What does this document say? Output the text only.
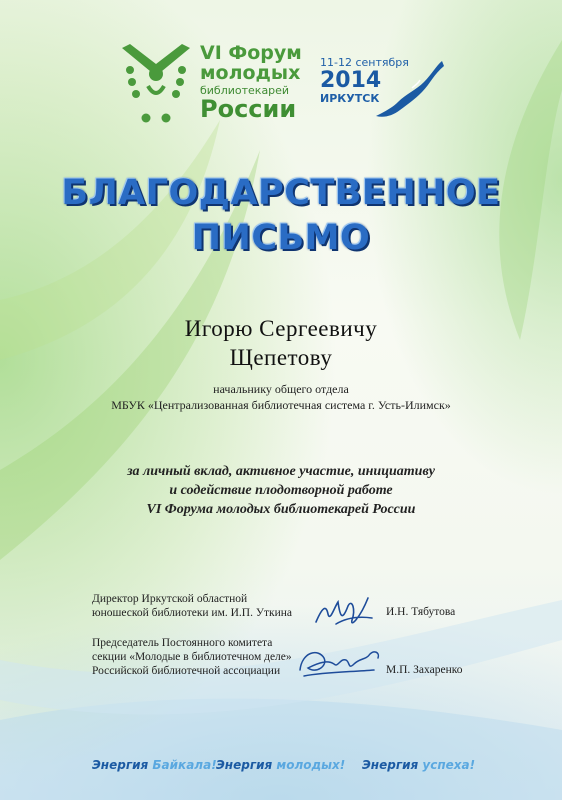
VI Форум
молодых
библиотекарей
России
11-12 сентября
2014
ИРКУТСК
БЛАГОДАРСТВЕННОЕ
ПИСЬМО
Игорю Сергеевичу
Щепетову
начальнику общего отдела
МБУК «Централизованная библиотечная система г. Усть-Илимск»
за личный вклад, активное участие, инициативу
и содействие плодотворной работе
VI Форума молодых библиотекарей России
Директор Иркутской областной
юношеской библиотеки им. И.П. Уткина	И.Н. Тябутова
Председатель Постоянного комитета
секции «Молодые в библиотечном деле»
Российской библиотечной ассоциации	М.П. Захаренко
Энергия Байкала! Энергия молодых! Энергия успеха!
